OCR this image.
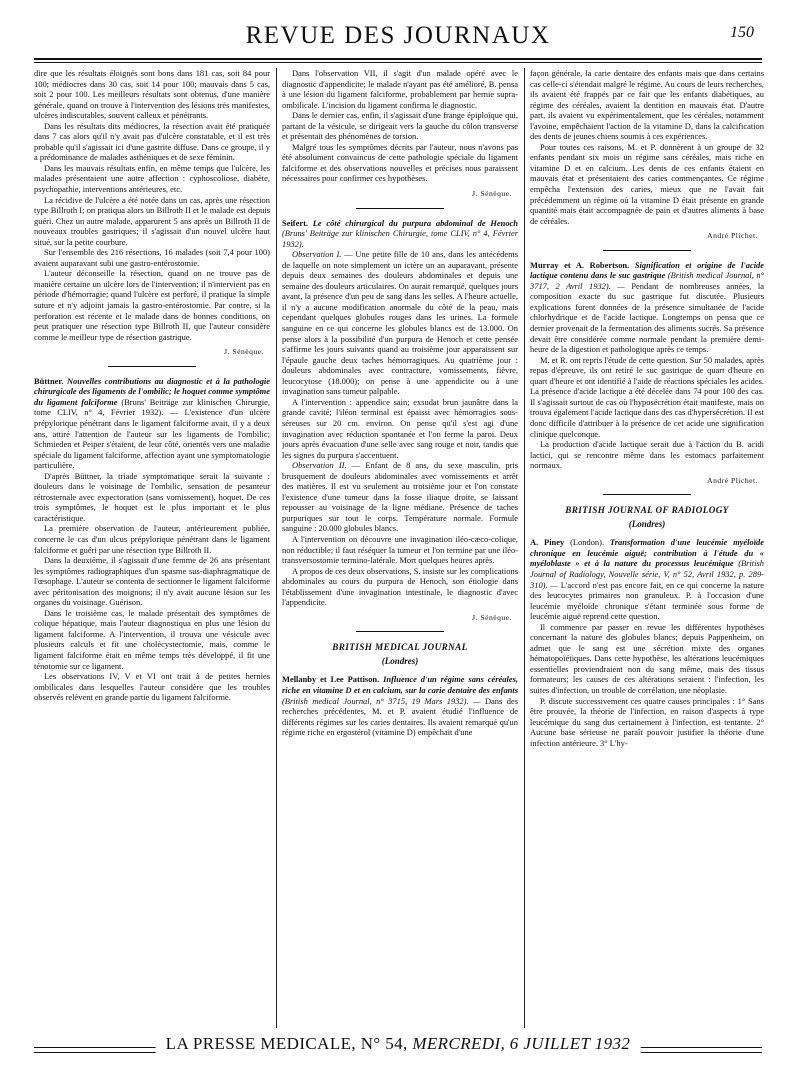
REVUE DES JOURNAUX	150

dire que les résultats éloignés sont bons dans 181 cas, soit 84 pour 100; médiocres dans 30 cas, soit 14 pour 100; mauvais dans 5 cas, soit 2 pour 100. Les meilleurs résultats sont obtenus, d'une manière générale, quand on trouve à l'intervention des lésions très manifestes, ulcères indiscutables, souvent calleux et pénétrants.

Dans les résultats dits médiocres, la résection avait été pratiquée dans 7 cas alors qu'il n'y avait pas d'ulcère constatable, et il est très probable qu'il s'agissait ici d'une gastrite diffuse. Dans ce groupe, il y a prédominance de malades asthéniques et de sexe féminin.

Dans les mauvais résultats enfin, en même temps que l'ulcère, les malades présentaient une autre affection : cyphoscoliose, diabète, psychopathie, interventions antérieures, etc.

La récidive de l'ulcère a été notée dans un cas, après une résection type Billroth I; on pratiqua alors un Billroth II et le malade est depuis guéri. Chez un autre malade, apparurent 5 ans après un Billroth II de nouveaux troubles gastriques; il s'agissait d'un nouvel ulcère haut situé, sur la petite courbure.

Sur l'ensemble des 216 résections, 16 malades (soit 7,4 pour 100) avaient auparavant subi une gastro-entérostomie.

L'auteur déconseille la résection, quand on ne trouve pas de manière certaine un ulcère lors de l'intervention; il n'intervient pas en période d'hémorragie; quand l'ulcère est perforé, il pratique la simple suture et n'y adjoint jamais la gastro-entérostomie. Par contre, si la perforation est récente et le malade dans de bonnes conditions, on peut pratiquer une résection type Billroth II, que l'auteur considère comme le meilleur type de résection gastrique.

J. Sénèque.

Büttner. Nouvelles contributions au diagnostic et à la pathologie chirurgicale des ligaments de l'ombilic; le hoquet comme symptôme du ligament falciforme (Bruns' Beiträge zur klinischen Chirurgie, tome CLIV, n° 4, Février 1932). — L'existence d'un ulcère prépylorique pénétrant dans le ligament falciforme avait, il y a deux ans, attiré l'attention de l'auteur sur les ligaments de l'ombilic; Schmieden et Peiper s'étaient, de leur côté, orientés vers une maladie spéciale du ligament falciforme, affection ayant une symptomatologie particulière.

D'après Büttner, la triade symptomatique serait la suivante : douleurs dans le voisinage de l'ombilic, sensation de pesanteur rétrosternale avec expectoration (sans vomissement), hoquet. De ces trois symptômes, le hoquet est le plus important et le plus caractéristique.

La première observation de l'auteur, antérieurement publiée, concerne le cas d'un ulcus prépylorique pénétrant dans le ligament falciforme et guéri par une résection type Billroth II.

Dans la deuxième, il s'agissait d'une femme de 26 ans présentant les symptômes radiographiques d'un spasme sus-diaphragmatique de l'œsophage. L'auteur se contenta de sectionner le ligament falciforme avec péritonisation des moignons; il n'y avait aucune lésion sur les organes du voisinage. Guérison.

Dans le troisième cas, le malade présentait des symptômes de colique hépatique, mais l'auteur diagnostiqua en plus une lésion du ligament falciforme. A l'intervention, il trouva une vésicule avec plusieurs calculs et fit une cholécystectomie, mais, comme le ligament falciforme était en même temps très développé, il fit une ténotomie sur ce ligament.

Les observations IV, V et VI ont trait à de petites hernies ombilicales dans lesquelles l'auteur considère que les troubles observés relèvent en grande partie du ligament falciforme.

Dans l'observation VII, il s'agit d'un malade opéré avec le diagnostic d'appendicite; le malade n'ayant pas été amélioré, B. pensa à une lésion du ligament falciforme, probablement par hernie supra-ombilicale. L'incision du ligament confirma le diagnostic.

Dans le dernier cas, enfin, il s'agissait d'une frange épiploïque qui, partant de la vésicule, se dirigeait vers la gauche du côlon transverse et présentait des phénomènes de torsion.

Malgré tous les symptômes décrits par l'auteur, nous n'avons pas été absolument convaincus de cette pathologie spéciale du ligament falciforme et des observations nouvelles et précises nous paraissent nécessaires pour confirmer ces hypothèses.

J. Sénèque.

Seifert. Le côté chirurgical du purpura abdominal de Henoch (Bruns' Beiträge zur klinischen Chirurgie, tome CLIV, n° 4, Février 1932).

Observation I. — Une petite fille de 10 ans, dans les antécédents de laquelle on note simplement un ictère un an auparavant, présente depuis deux semaines des douleurs abdominales et depuis une semaine des douleurs articulaires. On aurait remarqué, quelques jours avant, la présence d'un peu de sang dans les selles. A l'heure actuelle, il n'y a aucune modification anormale du côté de la peau, mais cependant quelques globules rouges dans les urines. La formule sanguine en ce qui concerne les globules blancs est de 13.000. On pense alors à la possibilité d'un purpura de Henoch et cette pensée s'affirme les jours suivants quand au troisième jour apparaissent sur l'épaule gauche deux taches hémorragiques. Au quatrième jour : douleurs abdominales avec contracture, vomissements, fièvre, leucocytose (18.000); on pense à une appendicite ou à une invagination sans tumeur palpable.

A l'intervention : appendice sain; exsudat brun jaunâtre dans la grande cavité; l'iléon terminal est épaissi avec hémorragies sous-séreuses sur 20 cm. environ. On pense qu'il s'est agi d'une invagination avec réduction spontanée et l'on ferme la paroi. Deux jours après évacuation d'une selle avec sang rouge et noir, tandis que les signes du purpura s'accentuent.

Observation II. — Enfant de 8 ans, du sexe masculin, pris brusquement de douleurs abdominales avec vomissements et arrêt des matières. Il est vu seulement au troisième jour et l'on constate l'existence d'une tumeur dans la fosse iliaque droite, se laissant repousser au voisinage de la ligne médiane. Présence de taches purpuriques sur tout le corps. Température normale. Formule sanguine : 20.000 globules blancs.

A l'intervention on découvre une invagination iléo-cæco-colique, non réductible; il faut réséquer la tumeur et l'on termine par une iléo-transversostomie termino-latérale. Mort quelques heures après.

A propos de ces deux observations, S. insiste sur les complications abdominales au cours du purpura de Henoch, son étiologie dans l'établissement d'une invagination intestinale, le diagnostic d'avec l'appendicite.

J. Sénèque.
BRITISH MEDICAL JOURNAL
(Londres)

Mellanby et Lee Pattison. Influence d'un régime sans céréales, riche en vitamine D et en calcium, sur la carie dentaire des enfants (British medical Journal, n° 3715, 19 Mars 1932). — Dans des recherches précédentes, M. et P. avaient étudié l'influence de différents régimes sur les caries dentaires. Ils avaient remarqué qu'un régime riche en ergostérol (vitamine D) empêchait d'une

façon générale, la carie dentaire des enfants mais que dans certains cas celle-ci s'étendait malgré le régime. Au cours de leurs recherches, ils avaient été frappés par ce fait que les enfants diabétiques, au régime des céréales, avaient la dentition en mauvais état. D'autre part, ils avaient vu expérimentalement, que les céréales, notamment l'avoine, empêchaient l'action de la vitamine D, dans la calcification des dents de jeunes chiens soumis à ces expériences.

Pour toutes ces raisons, M. et P. donnèrent à un groupe de 32 enfants pendant six mois un régime sans céréales, mais riche en vitamine D et en calcium. Les dents de ces enfants étaient en mauvais état et présentaient des caries commençantes. Ce régime empêcha l'extension des caries, mieux que ne l'avait fait précédemment un régime où la vitamine D était présente en grande quantité mais était accompagnée de pain et d'autres aliments à base de céréales.

André Plichet.

Murray et A. Robertson. Signification et origine de l'acide lactique contenu dans le suc gastrique (British medical Journal, n° 3717, 2 Avril 1932). — Pendant de nombreuses années, la composition exacte du suc gastrique fut discutée. Plusieurs explications furent données de la présence simultanée de l'acide chlorhydrique et de l'acide lactique. Longtemps on pensa que ce dernier provenait de la fermentation des aliments sucrés. Sa présence devait être considérée comme normale pendant la première demi-heure de la digestion et pathologique après ce temps.

M. et R. ont repris l'étude de cette question. Sur 50 malades, après repas d'épreuve, ils ont retiré le suc gastrique de quart d'heure en quart d'heure et ont identifié à l'aide de réactions spéciales les acides. La présence d'acide lactique a été décelée dans 74 pour 100 des cas. Il s'agissait surtout de cas où l'hyposécrétion était manifeste, mais on trouva également l'acide lactique dans des cas d'hypersécrétion. Il est donc difficile d'attribuer à la présence de cet acide une signification clinique quelconque.

La production d'acide lactique serait due à l'action du B. acidi lactici, qui se rencontre même dans les estomacs parfaitement normaux.

André Plichet.
BRITISH JOURNAL OF RADIOLOGY
(Londres)

A. Piney (London). Transformation d'une leucémie myéloïde chronique en leucémie aiguë; contribution à l'étude du « myéloblaste » et à la nature du processus leucémique (British Journal of Radiology, Nouvelle série, V, n° 52, Avril 1932, p. 289-310). — L'accord n'est pas encore fait, en ce qui concerne la nature des leucocytes primaires non granuleux. P. à l'occasion d'une leucémie myéloïde chronique s'étant terminée sous forme de leucémie aiguë reprend cette question.

Il commence par passer en revue les différentes hypothèses concernant la nature des globules blancs; depuis Pappenheim, on admet que le sang est une sécrétion mixte des organes hématopoïétiques. Dans cette hypothèse, les altérations leucémiques essentielles proviendraient non du sang même, mais des tissus formateurs; les causes de ces altérations seraient : l'infection, les suites d'infection, un trouble de corrélation, une néoplasie.

P. discute successivement ces quatre causes principales : 1° Sans être prouvée, la théorie de l'infection, en raison d'aspects à type leucémique du sang dus certainement à l'infection, est tentante. 2° Aucune base sérieuse ne paraît pouvoir justifier la théorie d'une infection antérieure. 3° L'hy-

LA PRESSE MEDICALE, N° 54, MERCREDI, 6 JUILLET 1932
